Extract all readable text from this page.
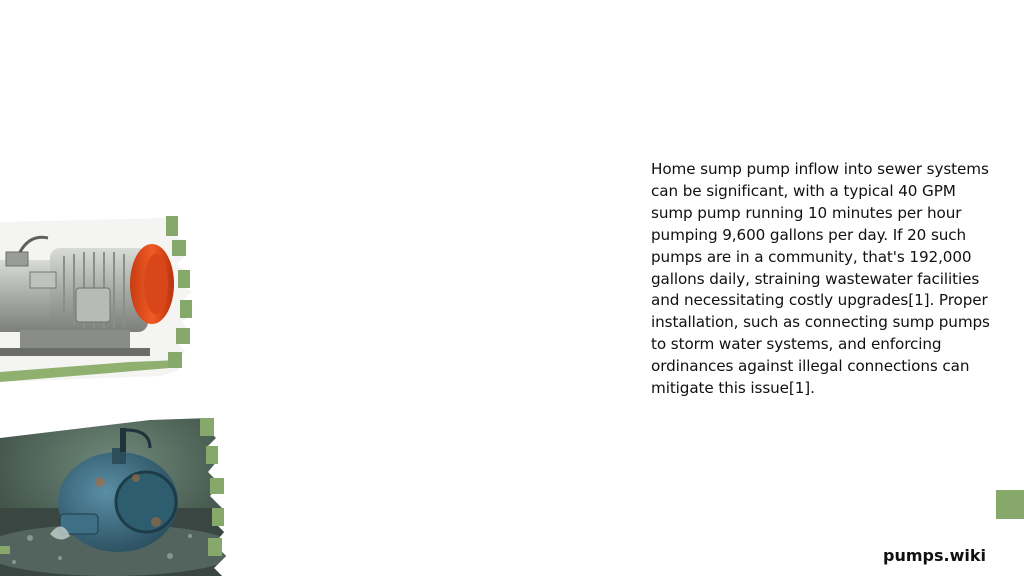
Home sump pump inflow into sewer systems can be significant, with a typical 40 GPM sump pump running 10 minutes per hour pumping 9,600 gallons per day. If 20 such pumps are in a community, that's 192,000 gallons daily, straining wastewater facilities and necessitating costly upgrades[1]. Proper installation, such as connecting sump pumps to storm water systems, and enforcing ordinances against illegal connections can mitigate this issue[1].

pumps.wiki
